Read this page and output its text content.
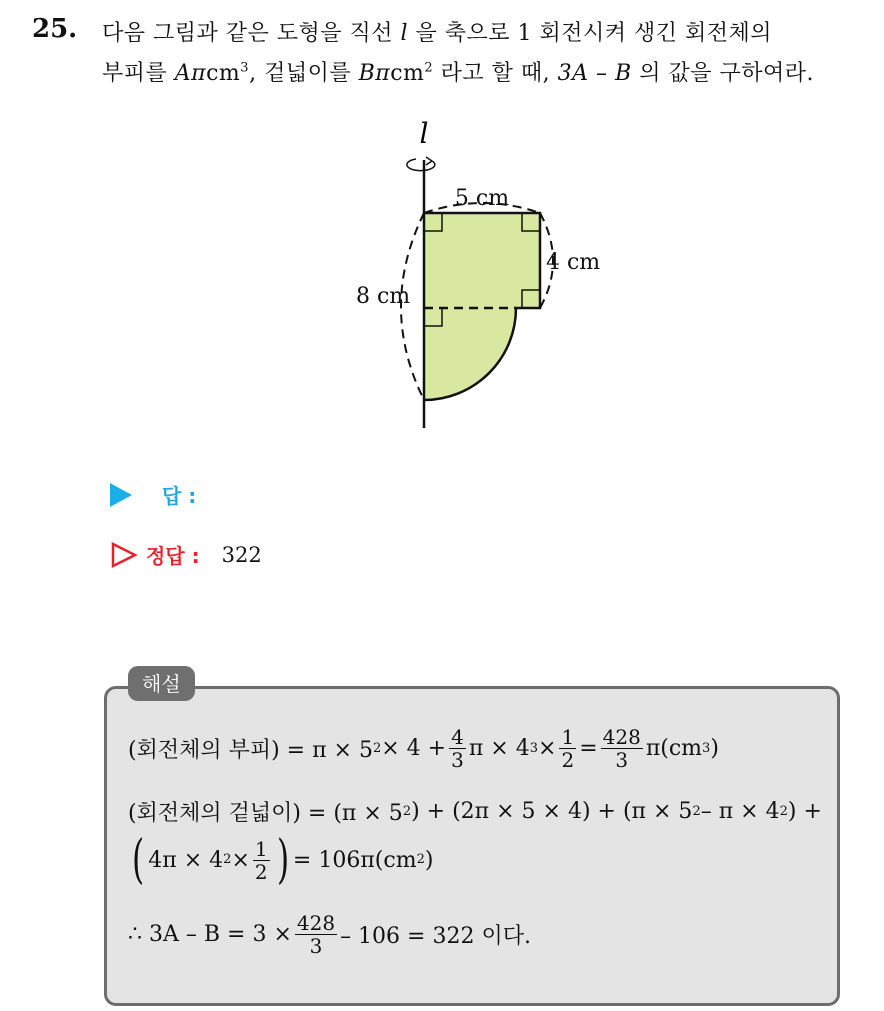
25. 다음 그림과 같은 도형을 직선 l 을 축으로 1 회전시켜 생긴 회전체의
부피를 Aπcm$^3$, 겉넓이를 Bπcm$^2$ 라고 할 때, 3A – B 의 값을 구하여라.
l
5 cm
4 cm
8 cm
답 :
정답 : 322
해설
(회전체의 부피) = π × 5 $2 \times 4 + \frac{4}{3}$ π × 4 $3 \times \frac{1}{2} = \frac{428}{3} \pi(cm$ 3 )
(회전체의 겉넓이) = (π × 5 2 ) + (2π × 5 × 4) + (π × 5 2 – π × 4 2 ) +
( 4π × 4 $2 \times \frac{1}{2}$ ) = 106π(cm 2 )
∴ $3A - B = 3 \times \frac{428}{3} - 106 = 322$ 이다.
